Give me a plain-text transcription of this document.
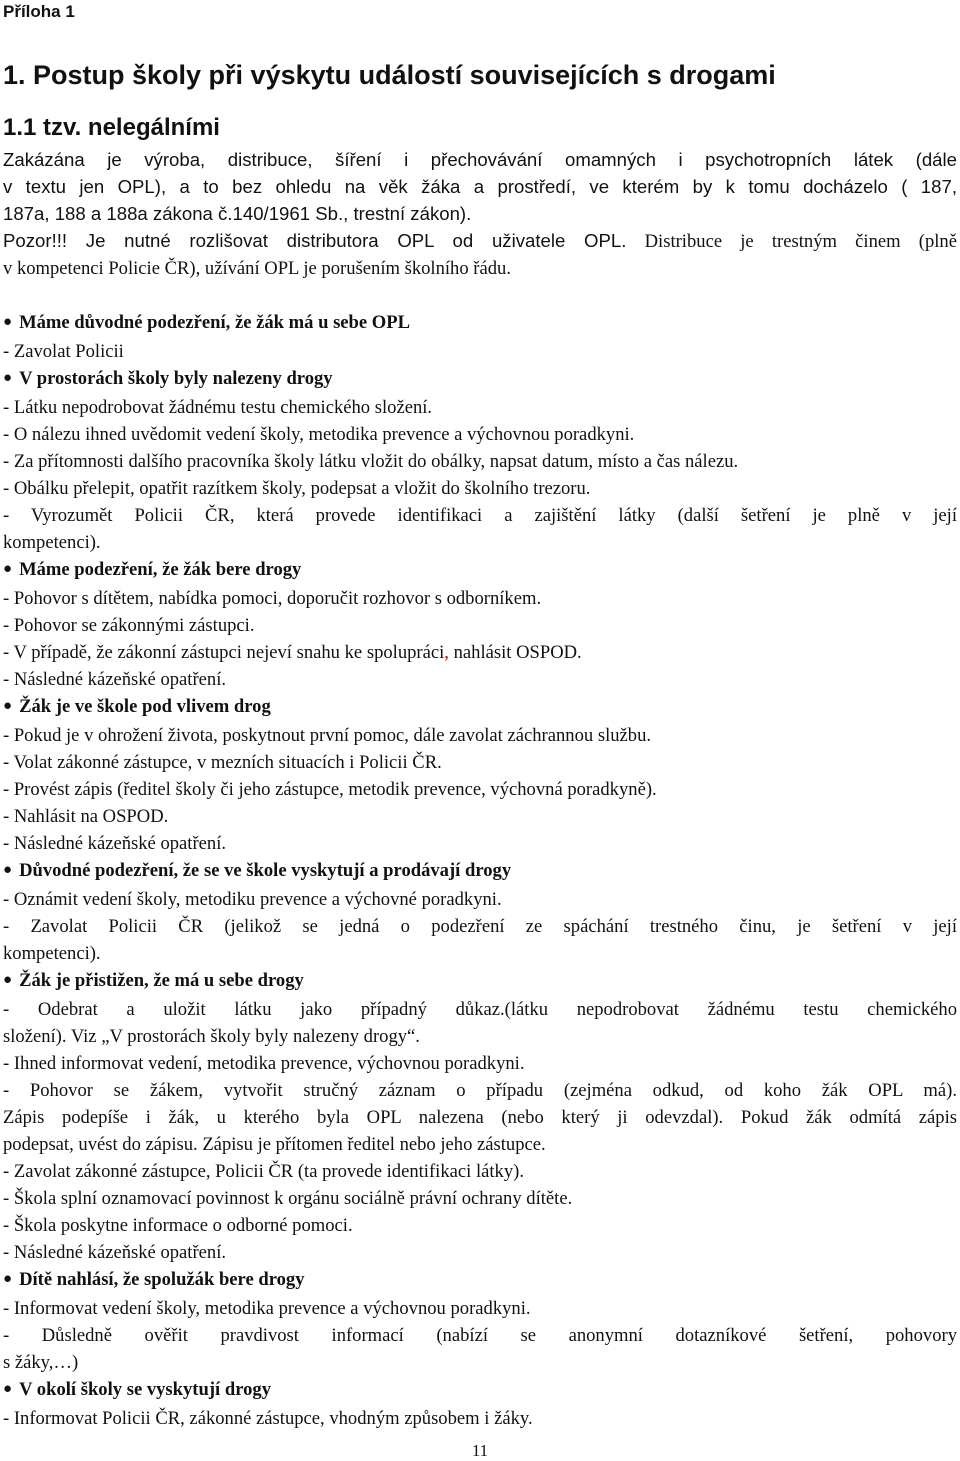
Příloha 1
1. Postup školy při výskytu událostí souvisejících s drogami
1.1 tzv. nelegálními

Zakázána je výroba, distribuce, šíření i přechovávání omamných i psychotropních látek (dále

v textu jen OPL), a to bez ohledu na věk žáka a prostředí, ve kterém by k tomu docházelo ( 187,

187a, 188 a 188a zákona č.140/1961 Sb., trestní zákon).

Pozor!!! Je nutné rozlišovat distributora OPL od uživatele OPL. Distribuce je trestným činem (plně

v kompetenci Policie ČR), užívání OPL je porušením školního řádu.

● Máme důvodné podezření, že žák má u sebe OPL

- Zavolat Policii

● V prostorách školy byly nalezeny drogy

- Látku nepodrobovat žádnému testu chemického složení.

- O nálezu ihned uvědomit vedení školy, metodika prevence a výchovnou poradkyni.

- Za přítomnosti dalšího pracovníka školy látku vložit do obálky, napsat datum, místo a čas nálezu.

- Obálku přelepit, opatřit razítkem školy, podepsat a vložit do školního trezoru.

- Vyrozumět Policii ČR, která provede identifikaci a zajištění látky (další šetření je plně v její

kompetenci).

● Máme podezření, že žák bere drogy

- Pohovor s dítětem, nabídka pomoci, doporučit rozhovor s odborníkem.

- Pohovor se zákonnými zástupci.

- V případě, že zákonní zástupci nejeví snahu ke spolupráci, nahlásit OSPOD.

- Následné kázeňské opatření.

● Žák je ve škole pod vlivem drog

- Pokud je v ohrožení života, poskytnout první pomoc, dále zavolat záchrannou službu.

- Volat zákonné zástupce, v mezních situacích i Policii ČR.

- Provést zápis (ředitel školy či jeho zástupce, metodik prevence, výchovná poradkyně).

- Nahlásit na OSPOD.

- Následné kázeňské opatření.

● Důvodné podezření, že se ve škole vyskytují a prodávají drogy

- Oznámit vedení školy, metodiku prevence a výchovné poradkyni.

- Zavolat Policii ČR (jelikož se jedná o podezření ze spáchání trestného činu, je šetření v její

kompetenci).

● Žák je přistižen, že má u sebe drogy

- Odebrat a uložit látku jako případný důkaz.(látku nepodrobovat žádnému testu chemického

složení). Viz „V prostorách školy byly nalezeny drogy“.

- Ihned informovat vedení, metodika prevence, výchovnou poradkyni.

- Pohovor se žákem, vytvořit stručný záznam o případu (zejména odkud, od koho žák OPL má).

Zápis podepíše i žák, u kterého byla OPL nalezena (nebo který ji odevzdal). Pokud žák odmítá zápis

podepsat, uvést do zápisu. Zápisu je přítomen ředitel nebo jeho zástupce.

- Zavolat zákonné zástupce, Policii ČR (ta provede identifikaci látky).

- Škola splní oznamovací povinnost k orgánu sociálně právní ochrany dítěte.

- Škola poskytne informace o odborné pomoci.

- Následné kázeňské opatření.

● Dítě nahlásí, že spolužák bere drogy

- Informovat vedení školy, metodika prevence a výchovnou poradkyni.

- Důsledně ověřit pravdivost informací (nabízí se anonymní dotazníkové šetření, pohovory

s žáky,…)

● V okolí školy se vyskytují drogy

- Informovat Policii ČR, zákonné zástupce, vhodným způsobem i žáky.

11
